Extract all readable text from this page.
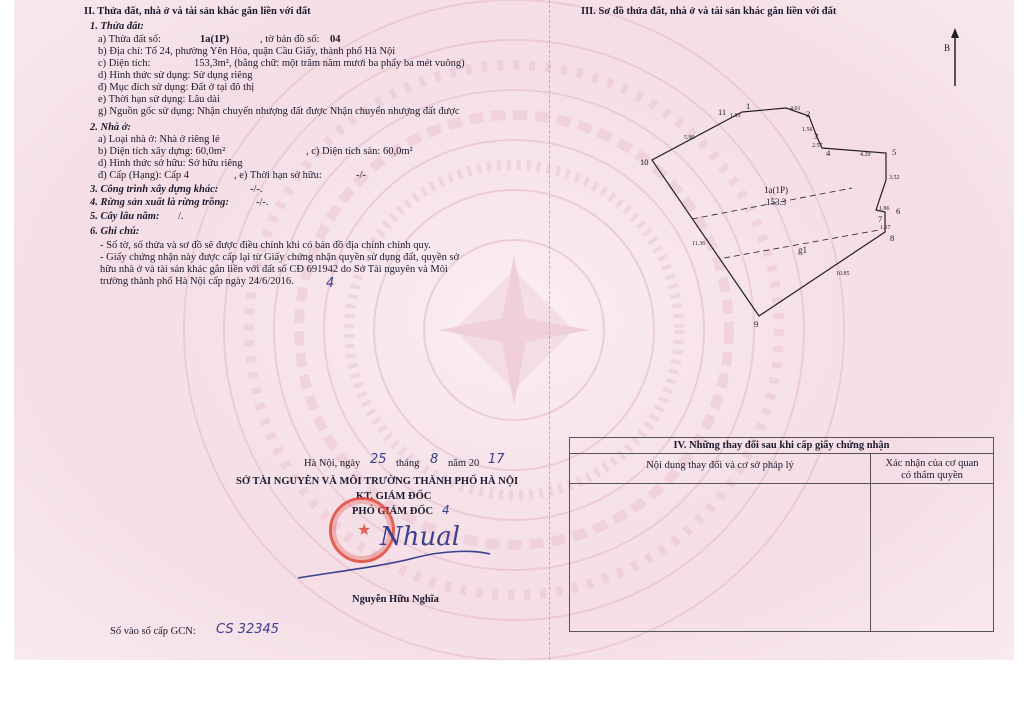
II. Thửa đất, nhà ở và tài sản khác gắn liền với đất
1. Thửa đất:
a) Thửa đất số:	1a(1P)	, tờ bản đồ số: 04
b) Địa chỉ: Tổ 24, phường Yên Hòa, quận Cầu Giấy, thành phố Hà Nội
c) Diện tích:	153,3m², (bằng chữ: một trăm năm mươi ba phẩy ba mét vuông)
d) Hình thức sử dụng: Sử dụng riêng
đ) Mục đích sử dụng: Đất ở tại đô thị
e) Thời hạn sử dụng: Lâu dài
g) Nguồn gốc sử dụng: Nhận chuyển nhượng đất được Nhận chuyển nhượng đất được
2. Nhà ở:
a) Loại nhà ở: Nhà ở riêng lẻ
b) Diện tích xây dựng: 60,0m²	, c) Diện tích sàn: 60,0m²
d) Hình thức sở hữu: Sở hữu riêng
đ) Cấp (Hạng): Cấp 4	, e) Thời hạn sở hữu:	-/-
3. Công trình xây dựng khác:	-/-.
4. Rừng sản xuất là rừng trồng:	-/-.
5. Cây lâu năm: /.
6. Ghi chú:
- Số tờ, số thửa và sơ đồ sẽ được điều chỉnh khi có bản đồ địa chính chính quy.
- Giấy chứng nhận này được cấp lại từ Giấy chứng nhận quyền sử dụng đất, quyền sở
hữu nhà ở và tài sản khác gắn liền với đất số CĐ 691942 do Sở Tài nguyên và Môi
trường thành phố Hà Nội cấp ngày 24/6/2016. 4
Hà Nội, ngày 25 tháng 8 năm 20 17
SỞ TÀI NGUYÊN VÀ MÔI TRƯỜNG THÀNH PHỐ HÀ NỘI
KT. GIÁM ĐỐC
PHÓ GIÁM ĐỐC 4
★ Nhual
Nguyễn Hữu Nghĩa
Số vào sổ cấp GCN: CS 32345
III. Sơ đồ thửa đất, nhà ở và tài sản khác gắn liền với đất
B
11
1
2
3
4	5
6
7
8
9
10
1.93
4.01
1.56
2.57
4.29
3.52
1.86
1.17
10.85
11.36
5.90
1a(1P)
153.3
g1
IV. Những thay đổi sau khi cấp giấy chứng nhận	
Nội dung thay đổi và cơ sở pháp lý	Xác nhận của cơ quan
có thẩm quyền
